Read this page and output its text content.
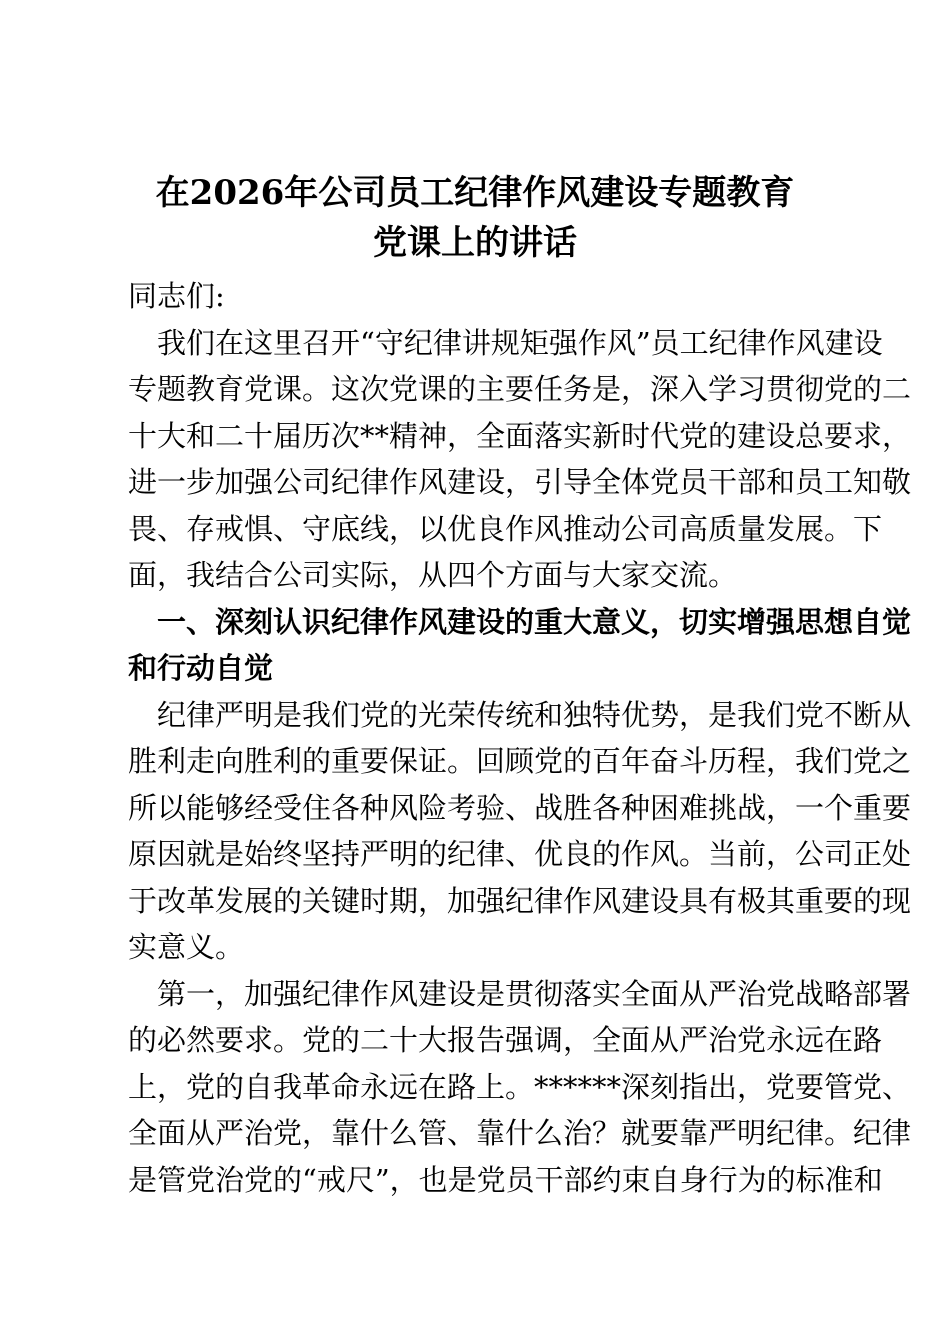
在2026年公司员工纪律作风建设专题教育
党课上的讲话
同志们:
　我们在这里召开“守纪律讲规矩强作风”员工纪律作风建设
专题教育党课。这次党课的主要任务是，深入学习贯彻党的二
十大和二十届历次**精神，全面落实新时代党的建设总要求，
进一步加强公司纪律作风建设，引导全体党员干部和员工知敬
畏、存戒惧、守底线，以优良作风推动公司高质量发展。下
面，我结合公司实际，从四个方面与大家交流。
　一、深刻认识纪律作风建设的重大意义，切实增强思想自觉
和行动自觉
　纪律严明是我们党的光荣传统和独特优势，是我们党不断从
胜利走向胜利的重要保证。回顾党的百年奋斗历程，我们党之
所以能够经受住各种风险考验、战胜各种困难挑战，一个重要
原因就是始终坚持严明的纪律、优良的作风。当前，公司正处
于改革发展的关键时期，加强纪律作风建设具有极其重要的现
实意义。
　第一，加强纪律作风建设是贯彻落实全面从严治党战略部署
的必然要求。党的二十大报告强调，全面从严治党永远在路
上，党的自我革命永远在路上。******深刻指出，党要管党、
全面从严治党，靠什么管、靠什么治？就要靠严明纪律。纪律
是管党治党的“戒尺”，也是党员干部约束自身行为的标准和
